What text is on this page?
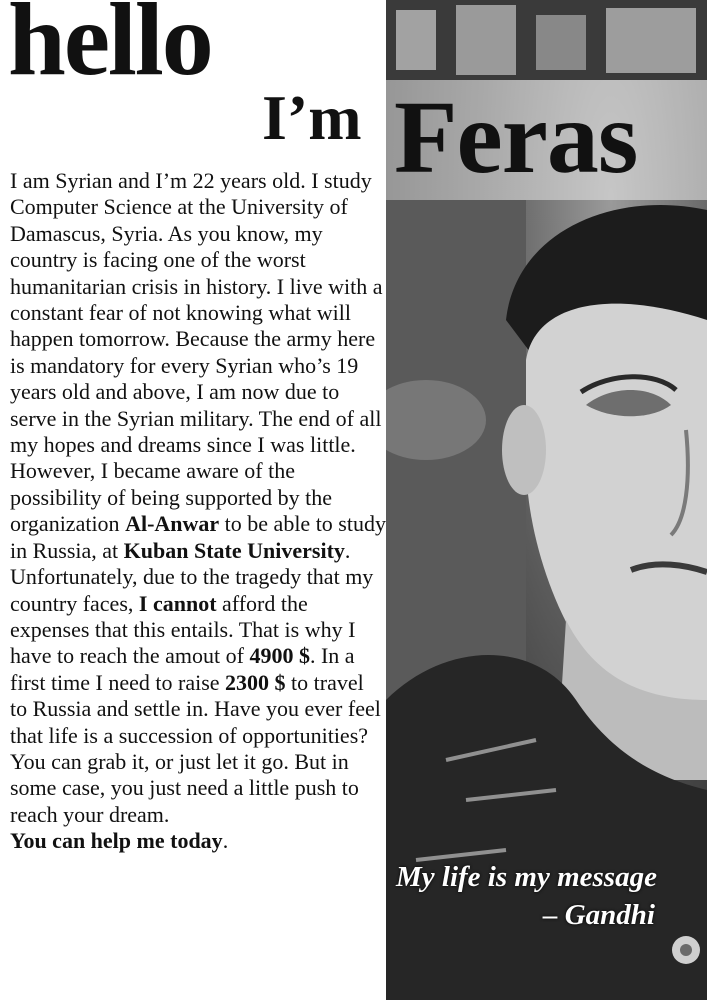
hello
I’m Feras

I am Syrian and I’m 22 years old. I study Computer Science at the University of Damascus, Syria. As you know, my country is facing one of the worst humanitarian crisis in history. I live with a constant fear of not knowing what will happen tomorrow. Because the army here is mandatory for every Syrian who’s 19 years old and above, I am now due to serve in the Syrian military. The end of all my hopes and dreams since I was little. However, I became aware of the possibility of being supported by the organization Al-Anwar to be able to study in Russia, at Kuban State University. Unfortunately, due to the tragedy that my country faces, I cannot afford the expenses that this entails. That is why I have to reach the amout of 4900 $. In a first time I need to raise 2300 $ to travel to Russia and settle in. Have you ever feel that life is a succession of opportunities? You can grab it, or just let it go. But in some case, you just need a little push to reach your dream.

You can help me today.

My life is my message
– Gandhi
